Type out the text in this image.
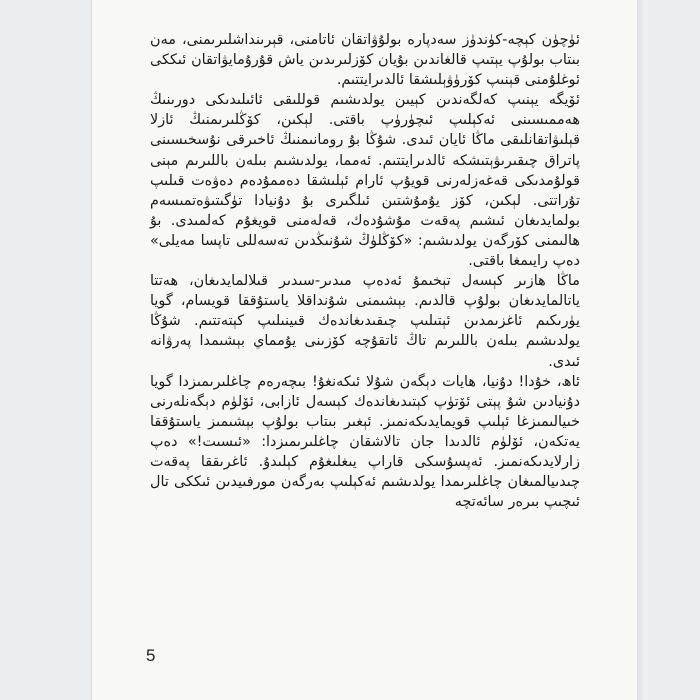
ئۈچۈن كېچە-كۈندۈز سەدپارە بولۇۋاتقان ئاتامنى، قېرىنداشلىرىمنى، مەن بىتاب بولۇپ يېتىپ قالغاندىن بۇيان كۆزلىرىدىن ياش قۇرۇمايۋاتقان ئىككى ئوغلۇمنى قېنىپ كۆرۈۋېلىشقا ئالدىرايتتىم.

ئۆيگە يېنىپ كەلگەندىن كېيىن يولدىشىم قوللىقى ئائىلىدىكى دورىنىڭ ھەممىسىنى ئەكېلىپ ئىچۈرۈپ باقتى. لېكىن، كۆڭلىرىمنىڭ ئازلا قېلىۋاتقانلىقى ماڭا ئايان ئىدى. شۇڭا بۇ رومانىمنىڭ ئاخىرقى نۇسخىسىنى پاتراق چىقىرىۋېتىشكە ئالدىرايتتىم. ئەمما، يولدىشىم بىلەن باللىرىم مېنى قولۇمدىكى قەغەزلەرنى قويۇپ ئارام ئېلىشقا دەممۇدەم دەۋەت قىلىپ تۇراتتى. لېكىن، كۆز يۇمۇشتىن ئىلگىرى بۇ دۇنيادا تۈگىتىۋەتمىسەم بولمايدىغان ئىشىم پەقەت مۇشۇدەك، قەلەمنى قويغۇم كەلمىدى. بۇ ھالىمنى كۆرگەن يولدىشىم: «كۆڭلۈڭ شۇنىڭدىن تەسەللى تاپسا مەيلى» دەپ رايىمغا باقتى.

ماڭا ھازىر كېسەل تېخىمۇ ئەدەپ مىدىر-سىدىر قىلالمايدىغان، ھەتتا ياتالمايدىغان بولۇپ قالدىم. بېشىمنى شۇنداقلا ياستۇققا قويسام، گويا يۈرىكىم ئاغزىمدىن ئېتىلىپ چىقىدىغاندەك قىينىلىپ كېتەتتىم. شۇڭا يولدىشىم بىلەن باللىرىم تاڭ ئاتقۇچە كۆزىنى يۇمماي بېشىمدا پەرۋانە ئىدى.

ئاھ، خۇدا! دۇنيا، ھايات دېگەن شۇلا ئىكەنغۇ! بىچەرەم چاغلىرىمىزدا گويا دۇنيادىن شۇ پېتى ئۆتۈپ كېتىدىغاندەك كېسەل ئازابى، ئۆلۈم دېگەنلەرنى خىيالىمىزغا ئېلىپ قويمايدىكەنمىز. ئېغىر بىتاب بولۇپ بېشىمىز ياستۇققا يەتكەن، ئۆلۈم ئالدىدا جان تالاشقان چاغلىرىمىزدا: «ئىسىت!» دەپ زارلايدىكەنمىز. ئەپسۇسكى قاراپ يىغلىغۇم كېلىدۇ. ئاغرىققا پەقەت چىدىيالمىغان چاغلىرىمدا يولدىشىم ئەكېلىپ بەرگەن مورفىيدىن ئىككى تال ئىچىپ بىرەر سائەتچە

5
